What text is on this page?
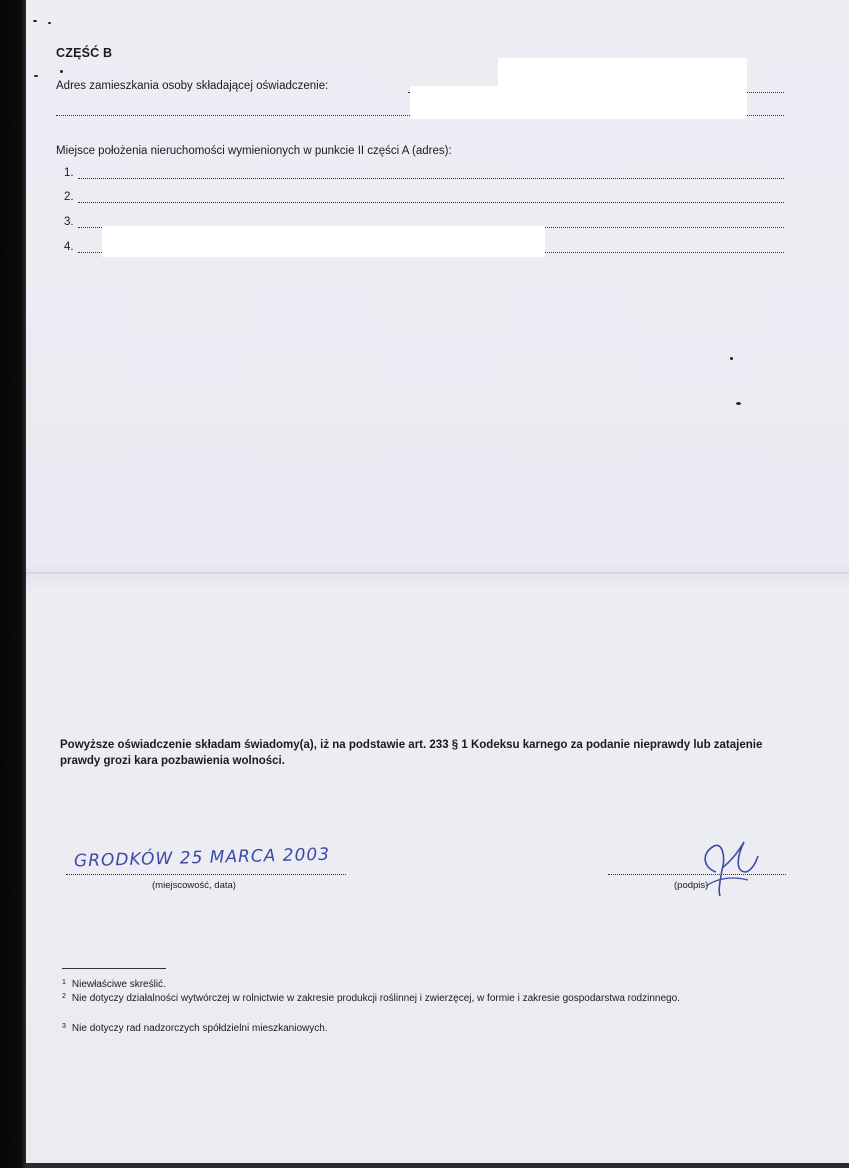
CZĘŚĆ B
Adres zamieszkania osoby składającej oświadczenie:
Miejsce położenia nieruchomości wymienionych w punkcie II części A (adres):
1.
2.
3.
4.
Powyższe oświadczenie składam świadomy(a), iż na podstawie art. 233 § 1 Kodeksu karnego za podanie nieprawdy lub zatajenie prawdy grozi kara pozbawienia wolności.
GRODKÓW 25 MARCA 2003
(miejscowość, data)	(podpis)
$^1$ Niewłaściwe skreślić.
$^2$ Nie dotyczy działalności wytwórczej w rolnictwie w zakresie produkcji roślinnej i zwierzęcej, w formie i zakresie gospodarstwa rodzinnego.
$^3$ Nie dotyczy rad nadzorczych spółdzielni mieszkaniowych.
